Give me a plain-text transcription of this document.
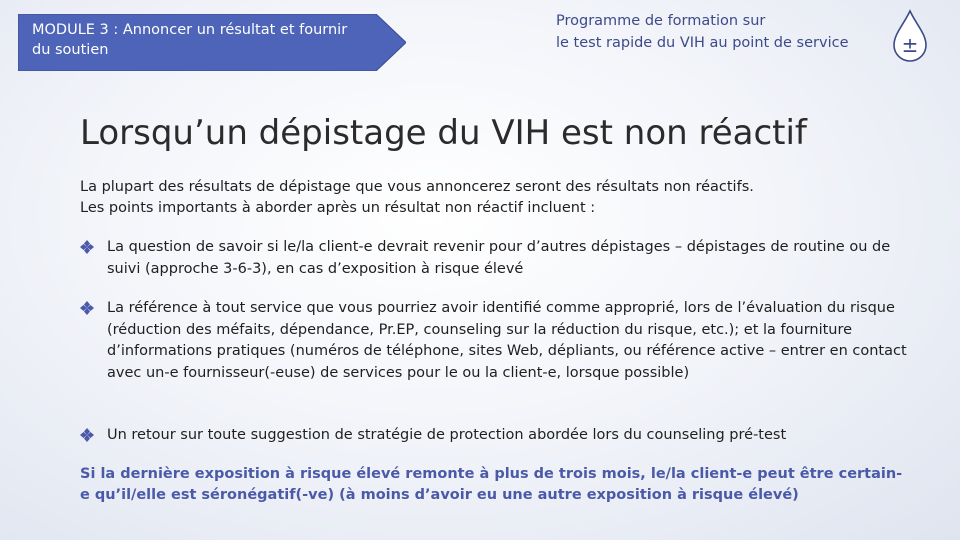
MODULE 3 : Annoncer un résultat et fournir du soutien
Programme de formation sur
le test rapide du VIH au point de service	±
Lorsqu’un dépistage du VIH est non réactif
La plupart des résultats de dépistage que vous annoncerez seront des résultats non réactifs.
Les points importants à aborder après un résultat non réactif incluent :
La question de savoir si le/la client-e devrait revenir pour d’autres dépistages – dépistages de routine ou de suivi (approche 3-6-3), en cas d’exposition à risque élevé
La référence à tout service que vous pourriez avoir identifié comme approprié, lors de l’évaluation du risque (réduction des méfaits, dépendance, Pr.EP, counseling sur la réduction du risque, etc.); et la fourniture d’informations pratiques (numéros de téléphone, sites Web, dépliants, ou référence active – entrer en contact avec un-e fournisseur(-euse) de services pour le ou la client-e, lorsque possible)
Un retour sur toute suggestion de stratégie de protection abordée lors du counseling pré-test
Si la dernière exposition à risque élevé remonte à plus de trois mois, le/la client-e peut être certain-e qu’il/elle est séronégatif(-ve) (à moins d’avoir eu une autre exposition à risque élevé)
